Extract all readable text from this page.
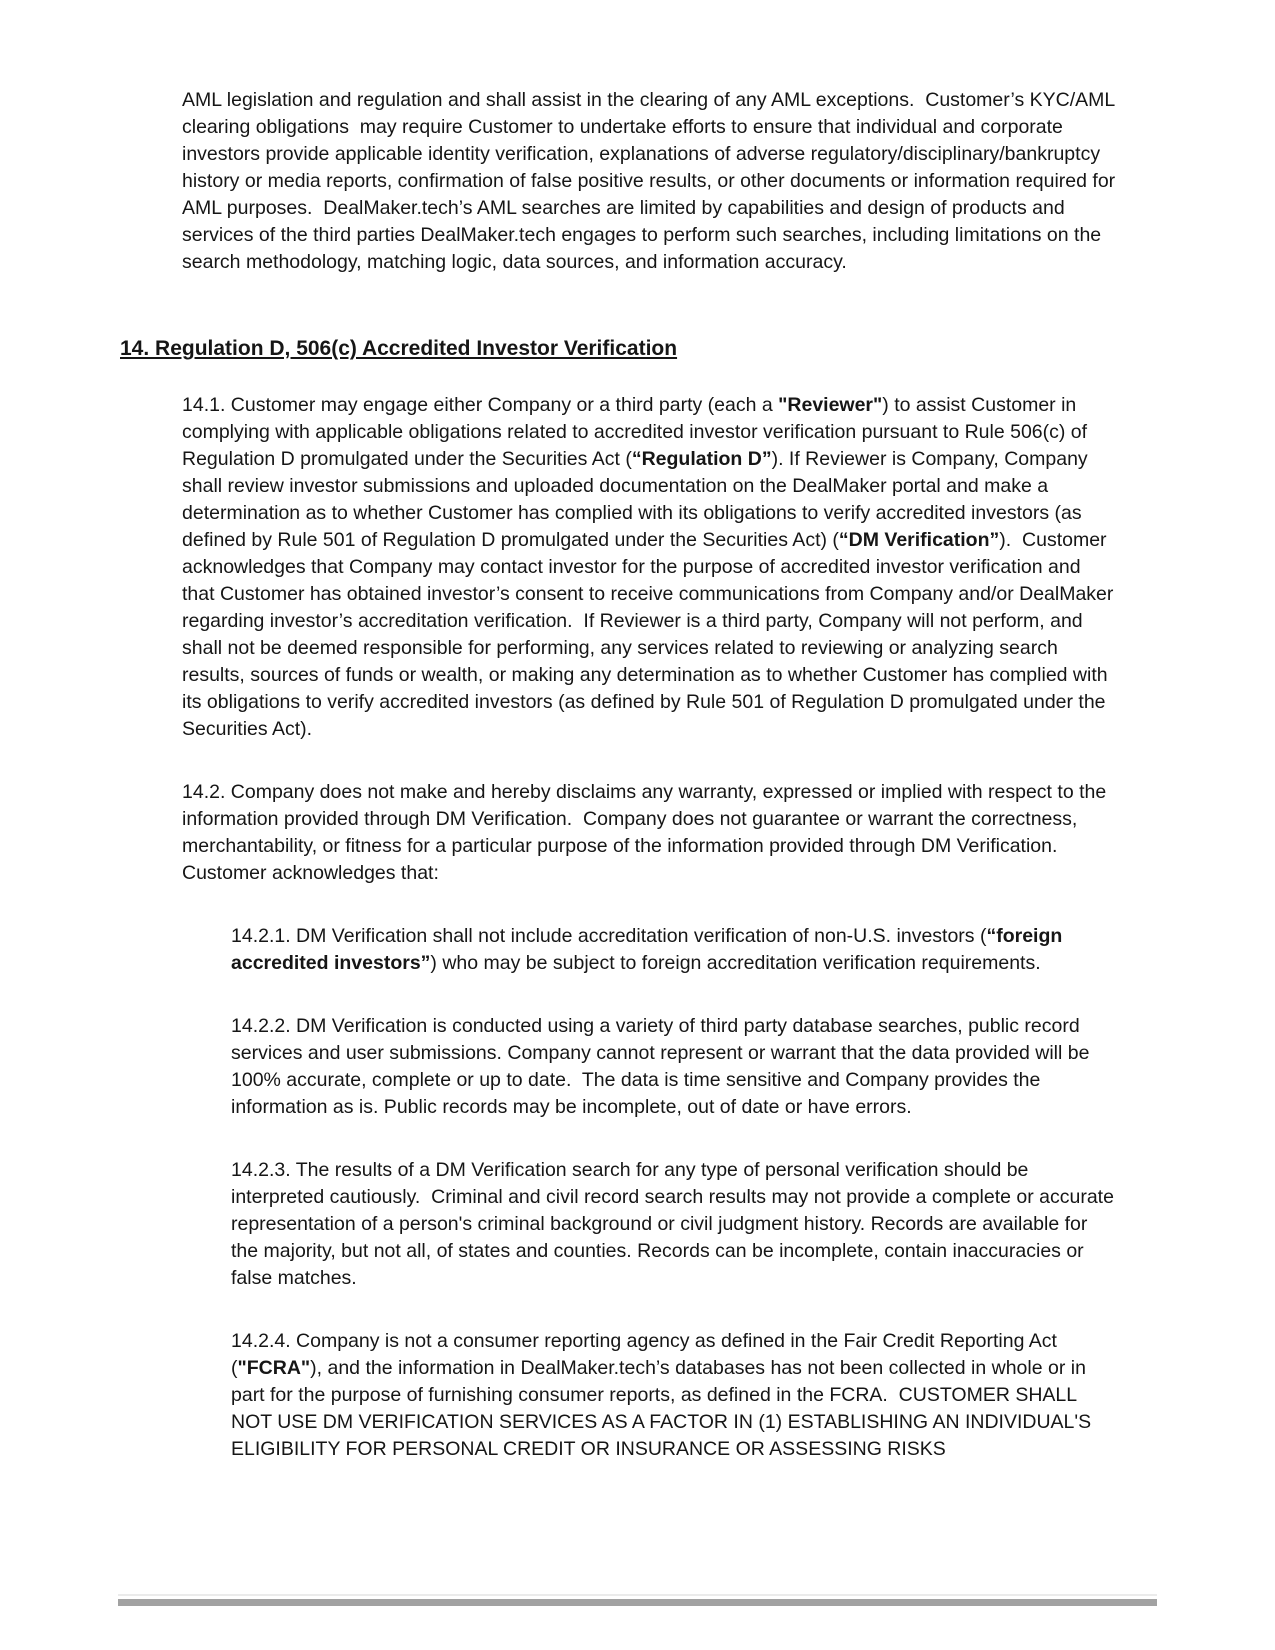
AML legislation and regulation and shall assist in the clearing of any AML exceptions.  Customer’s KYC/AML clearing obligations  may require Customer to undertake efforts to ensure that individual and corporate investors provide applicable identity verification, explanations of adverse regulatory/disciplinary/bankruptcy history or media reports, confirmation of false positive results, or other documents or information required for AML purposes.  DealMaker.tech’s AML searches are limited by capabilities and design of products and services of the third parties DealMaker.tech engages to perform such searches, including limitations on the search methodology, matching logic, data sources, and information accuracy.

14. Regulation D, 506(c) Accredited Investor Verification

14.1. Customer may engage either Company or a third party (each a "Reviewer") to assist Customer in complying with applicable obligations related to accredited investor verification pursuant to Rule 506(c) of Regulation D promulgated under the Securities Act (“Regulation D”). If Reviewer is Company, Company shall review investor submissions and uploaded documentation on the DealMaker portal and make a determination as to whether Customer has complied with its obligations to verify accredited investors (as defined by Rule 501 of Regulation D promulgated under the Securities Act) (“DM Verification”).  Customer acknowledges that Company may contact investor for the purpose of accredited investor verification and that Customer has obtained investor’s consent to receive communications from Company and/or DealMaker regarding investor’s accreditation verification.  If Reviewer is a third party, Company will not perform, and shall not be deemed responsible for performing, any services related to reviewing or analyzing search results, sources of funds or wealth, or making any determination as to whether Customer has complied with its obligations to verify accredited investors (as defined by Rule 501 of Regulation D promulgated under the Securities Act).

14.2. Company does not make and hereby disclaims any warranty, expressed or implied with respect to the information provided through DM Verification.  Company does not guarantee or warrant the correctness, merchantability, or fitness for a particular purpose of the information provided through DM Verification.  Customer acknowledges that:

14.2.1. DM Verification shall not include accreditation verification of non-U.S. investors (“foreign accredited investors”) who may be subject to foreign accreditation verification requirements.

14.2.2. DM Verification is conducted using a variety of third party database searches, public record services and user submissions. Company cannot represent or warrant that the data provided will be 100% accurate, complete or up to date.  The data is time sensitive and Company provides the information as is. Public records may be incomplete, out of date or have errors.

14.2.3. The results of a DM Verification search for any type of personal verification should be interpreted cautiously.  Criminal and civil record search results may not provide a complete or accurate representation of a person's criminal background or civil judgment history. Records are available for the majority, but not all, of states and counties. Records can be incomplete, contain inaccuracies or false matches.

14.2.4. Company is not a consumer reporting agency as defined in the Fair Credit Reporting Act ("FCRA"), and the information in DealMaker.tech’s databases has not been collected in whole or in part for the purpose of furnishing consumer reports, as defined in the FCRA.  CUSTOMER SHALL NOT USE DM VERIFICATION SERVICES AS A FACTOR IN (1) ESTABLISHING AN INDIVIDUAL'S ELIGIBILITY FOR PERSONAL CREDIT OR INSURANCE OR ASSESSING RISKS
